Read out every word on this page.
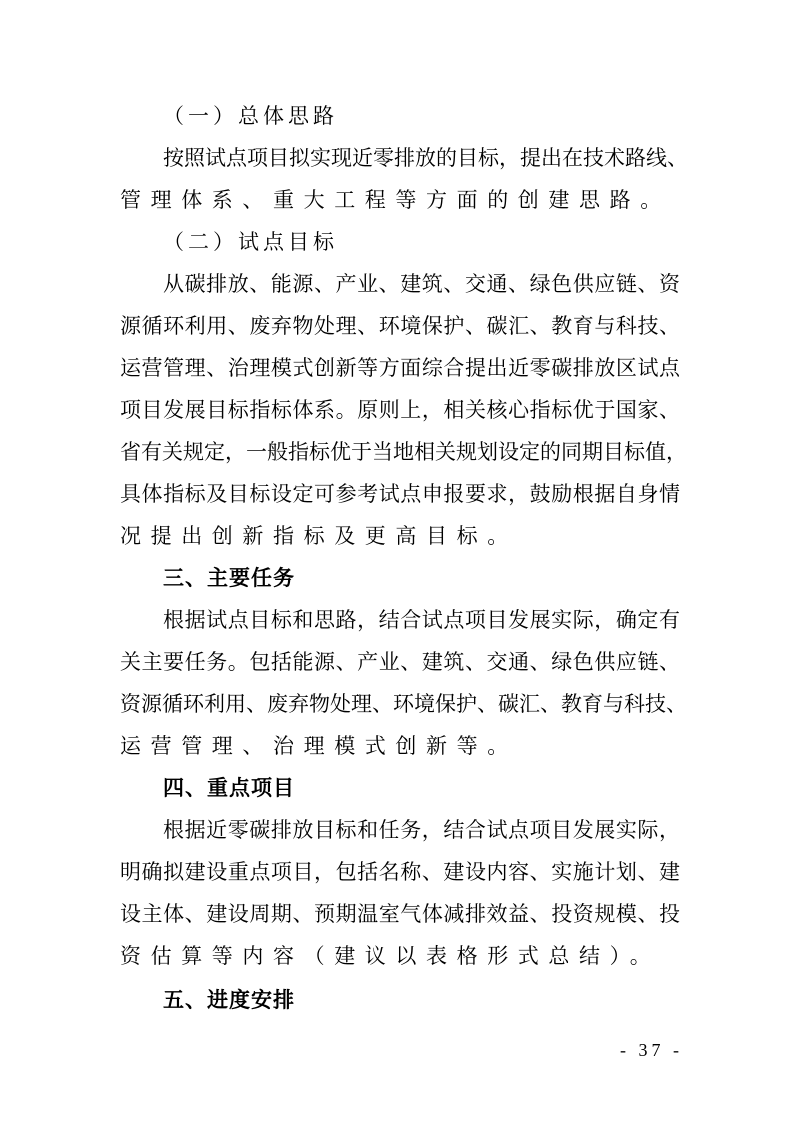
（一）总体思路
按照试点项目拟实现近零排放的目标，提出在技术路线、
管理体系、重大工程等方面的创建思路。
（二）试点目标
从碳排放、能源、产业、建筑、交通、绿色供应链、资
源循环利用、废弃物处理、环境保护、碳汇、教育与科技、
运营管理、治理模式创新等方面综合提出近零碳排放区试点
项目发展目标指标体系。原则上，相关核心指标优于国家、
省有关规定，一般指标优于当地相关规划设定的同期目标值，
具体指标及目标设定可参考试点申报要求，鼓励根据自身情
况提出创新指标及更高目标。
三、主要任务
根据试点目标和思路，结合试点项目发展实际，确定有
关主要任务。包括能源、产业、建筑、交通、绿色供应链、
资源循环利用、废弃物处理、环境保护、碳汇、教育与科技、
运营管理、治理模式创新等。
四、重点项目
根据近零碳排放目标和任务，结合试点项目发展实际，
明确拟建设重点项目，包括名称、建设内容、实施计划、建
设主体、建设周期、预期温室气体减排效益、投资规模、投
资估算等内容（建议以表格形式总结）。
五、进度安排
- 37 -
